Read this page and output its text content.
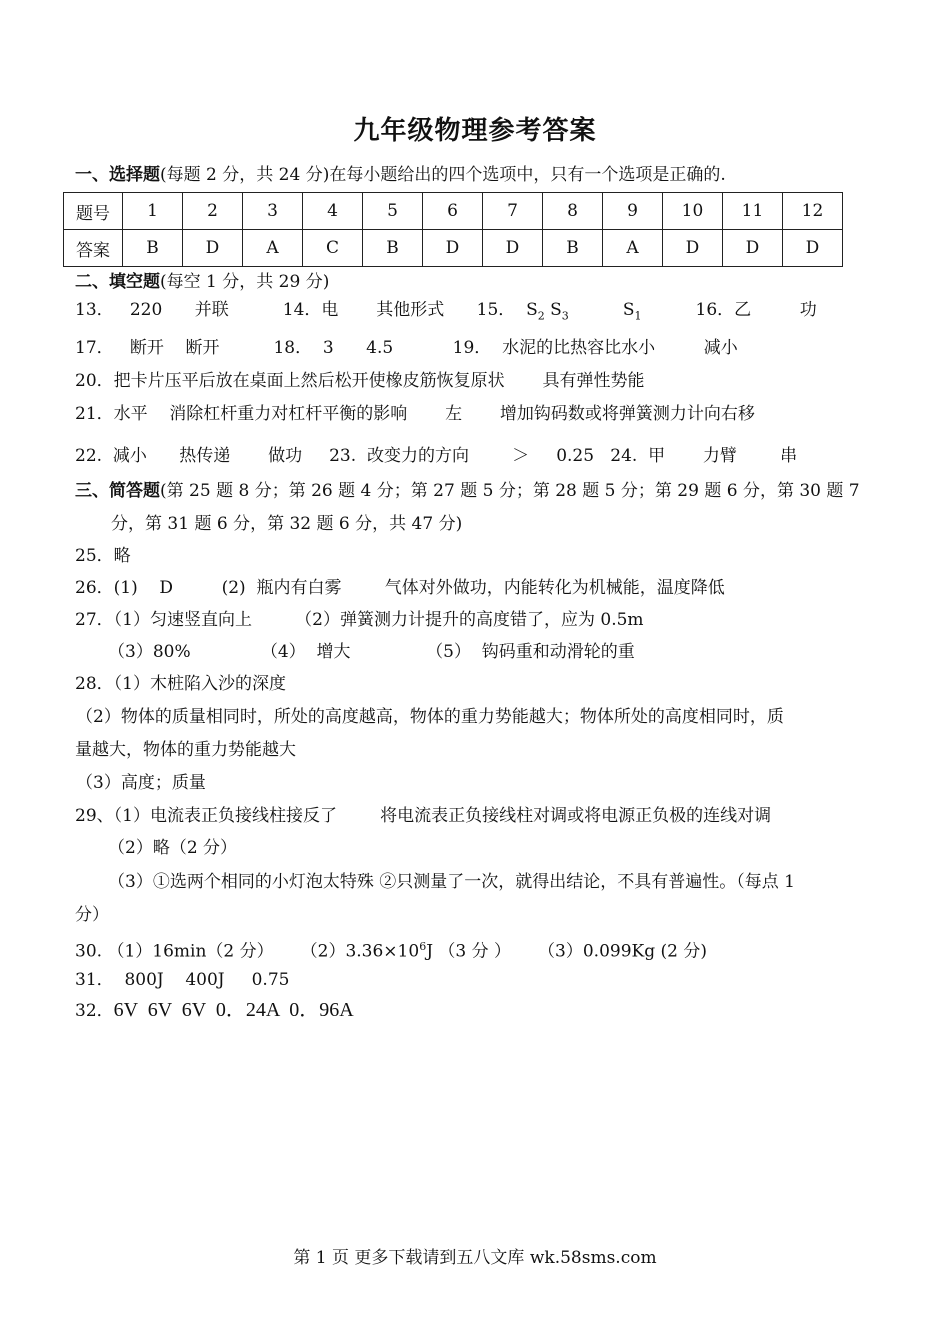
九年级物理参考答案
一、选择题(每题 2 分，共 24 分)在每小题给出的四个选项中，只有一个选项是正确的.
题号	1	2	3	4	5	6	7	8	9	10	11	12
答案	B	D	A	C	B	D	D	B	A	D	D	D
二、填空题(每空 1 分，共 29 分)
13．   220      并联          14．电       其他形式      15．  $S_2$ $S_3$          $S_1$          16．乙         功
17．   断开    断开          18．  3      4.5           19．  水泥的比热容比水小         减小
20．把卡片压平后放在桌面上然后松开使橡皮筋恢复原状       具有弹性势能
21．水平    消除杠杆重力对杠杆平衡的影响       左       增加钩码数或将弹簧测力计向右移
22.  减小      热传递       做功     23.  改变力的方向        ＞     0.25   24.  甲       力臂        串
三、简答题(第 25 题 8 分；第 26 题 4 分；第 27 题 5 分；第 28 题 5 分；第 29 题 6 分，第 30 题 7
分，第 31 题 6 分，第 32 题 6 分，共 47 分)
25．略
26．(1)    D         (2)  瓶内有白雾        气体对外做功，内能转化为机械能，温度降低
27．（1）匀速竖直向上        （2）弹簧测力计提升的高度错了，应为 0.5m
（3）80%             （4）  增大              （5）  钩码重和动滑轮的重
28．（1）木桩陷入沙的深度
（2）物体的质量相同时，所处的高度越高，物体的重力势能越大；物体所处的高度相同时，质
量越大，物体的重力势能越大
（3）高度；质量
29、（1）电流表正负接线柱接反了        将电流表正负接线柱对调或将电源正负极的连线对调
（2）略（2 分）
（3）①选两个相同的小灯泡太特殊 ②只测量了一次，就得出结论，不具有普遍性。（每点 1
分）
30. （1）16min（2 分）     $(2)3.36\times 10^6J$ （3 分 ）     （3）0.099Kg (2 分)
31．  800J    400J     0.75
32．6V  6V  6V  0．24A  0．96A
第 1 页 更多下载请到五八文库 wk.58sms.com
